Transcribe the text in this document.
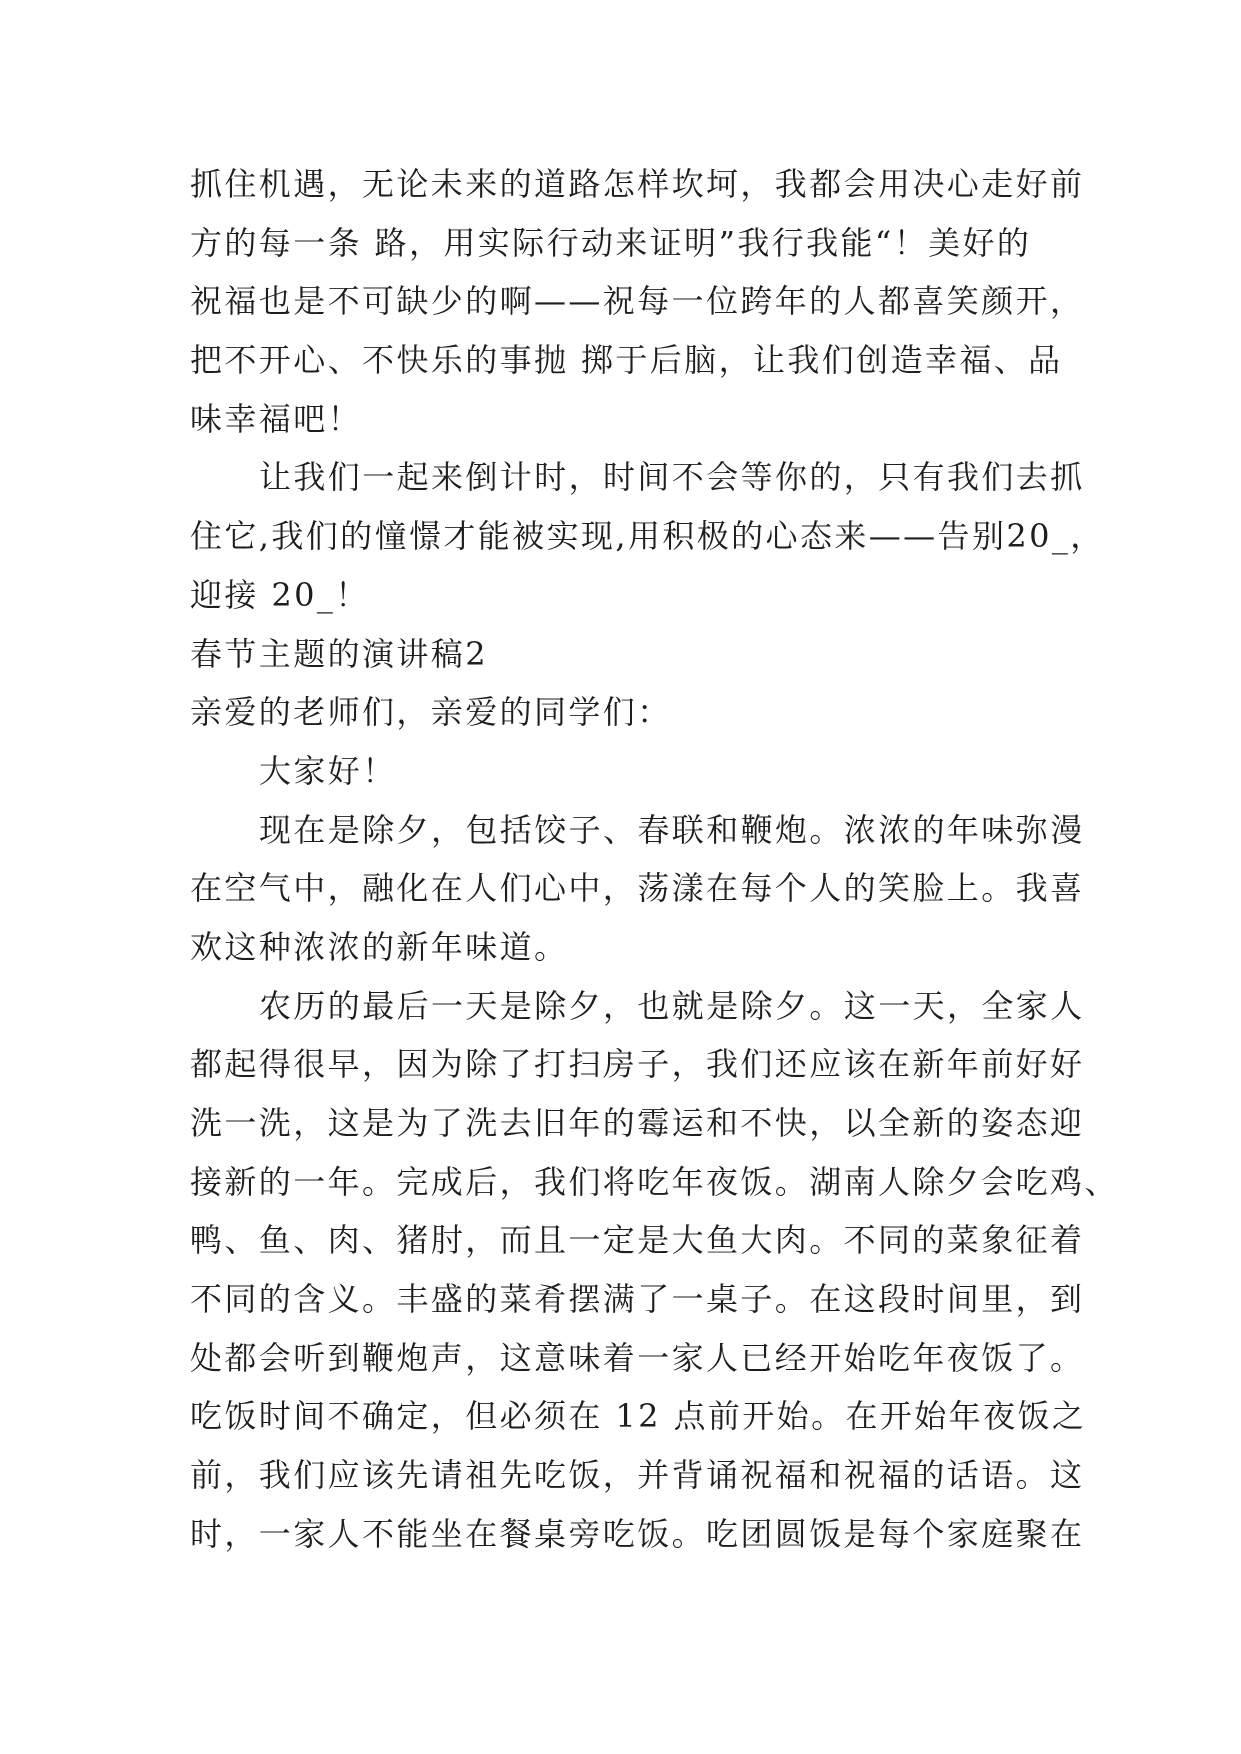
抓住机遇，无论未来的道路怎样坎坷，我都会用决心走好前
方的每一条 路，用实际行动来证明”我行我能“！美好的
祝福也是不可缺少的啊——祝每一位跨年的人都喜笑颜开，
把不开心、不快乐的事抛 掷于后脑，让我们创造幸福、品
味幸福吧！
让我们一起来倒计时，时间不会等你的，只有我们去抓
住它,我们的憧憬才能被实现,用积极的心态来——告别20_，
迎接 20_！
春节主题的演讲稿2
亲爱的老师们，亲爱的同学们：
大家好！
现在是除夕，包括饺子、春联和鞭炮。浓浓的年味弥漫
在空气中，融化在人们心中，荡漾在每个人的笑脸上。我喜
欢这种浓浓的新年味道。
农历的最后一天是除夕，也就是除夕。这一天，全家人
都起得很早，因为除了打扫房子，我们还应该在新年前好好
洗一洗，这是为了洗去旧年的霉运和不快，以全新的姿态迎
接新的一年。完成后，我们将吃年夜饭。湖南人除夕会吃鸡、
鸭、鱼、肉、猪肘，而且一定是大鱼大肉。不同的菜象征着
不同的含义。丰盛的菜肴摆满了一桌子。在这段时间里，到
处都会听到鞭炮声，这意味着一家人已经开始吃年夜饭了。
吃饭时间不确定，但必须在 12 点前开始。在开始年夜饭之
前，我们应该先请祖先吃饭，并背诵祝福和祝福的话语。这
时，一家人不能坐在餐桌旁吃饭。吃团圆饭是每个家庭聚在
